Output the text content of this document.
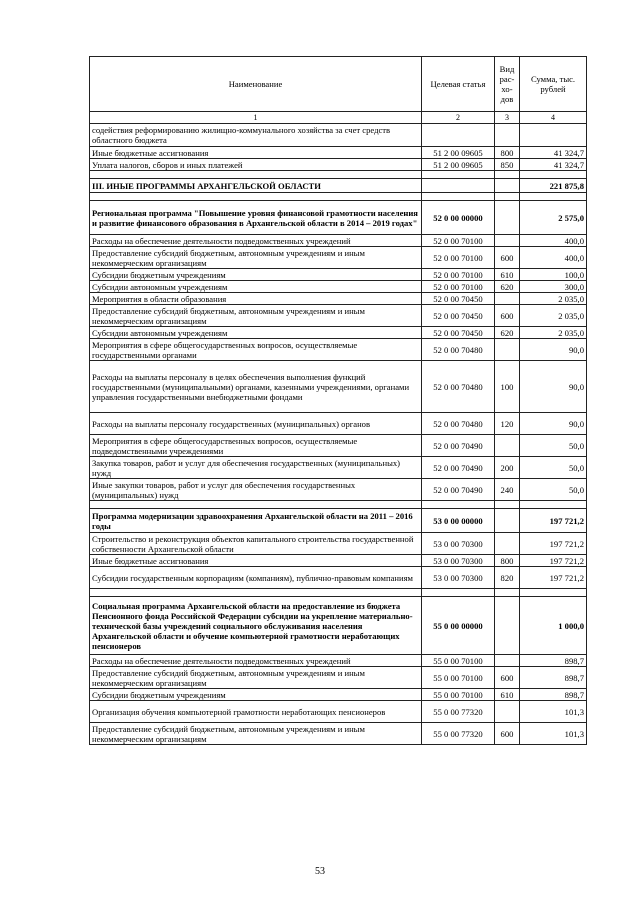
Наименование	Целевая статья	Вид рас-хо-дов	Сумма, тыс. рублей
1	2	3	4
содействия реформированию жилищно-коммунального хозяйства за счет средств областного бюджета			
Иные бюджетные ассигнования	51 2 00 09605	800	41 324,7
Уплата налогов, сборов и иных платежей	51 2 00 09605	850	41 324,7

III. ИНЫЕ ПРОГРАММЫ АРХАНГЕЛЬСКОЙ ОБЛАСТИ			221 875,8

Региональная программа "Повышение уровня финансовой грамотности населения и развитие финансового образования в Архангельской области в 2014 – 2019 годах"	52 0 00 00000		2 575,0
Расходы на обеспечение деятельности подведомственных учреждений	52 0 00 70100		400,0
Предоставление субсидий бюджетным, автономным учреждениям и иным некоммерческим организациям	52 0 00 70100	600	400,0
Субсидии бюджетным учреждениям	52 0 00 70100	610	100,0
Субсидии автономным учреждениям	52 0 00 70100	620	300,0
Мероприятия в области образования	52 0 00 70450		2 035,0
Предоставление субсидий бюджетным, автономным учреждениям и иным некоммерческим организациям	52 0 00 70450	600	2 035,0
Субсидии автономным учреждениям	52 0 00 70450	620	2 035,0
Мероприятия в сфере общегосударственных вопросов, осуществляемые государственными органами	52 0 00 70480		90,0
Расходы на выплаты персоналу в целях обеспечения выполнения функций государственными (муниципальными) органами, казенными учреждениями, органами управления государственными внебюджетными фондами	52 0 00 70480	100	90,0
Расходы на выплаты персоналу государственных (муниципальных) органов	52 0 00 70480	120	90,0
Мероприятия в сфере общегосударственных вопросов, осуществляемые подведомственными учреждениями	52 0 00 70490		50,0
Закупка товаров, работ и услуг для обеспечения государственных (муниципальных) нужд	52 0 00 70490	200	50,0
Иные закупки товаров, работ и услуг для обеспечения государственных (муниципальных) нужд	52 0 00 70490	240	50,0

Программа модернизации здравоохранения Архангельской области на 2011 – 2016 годы	53 0 00 00000		197 721,2
Строительство и реконструкция объектов капитального строительства государственной собственности Архангельской области	53 0 00 70300		197 721,2
Иные бюджетные ассигнования	53 0 00 70300	800	197 721,2
Субсидии государственным корпорациям (компаниям), публично-правовым компаниям	53 0 00 70300	820	197 721,2

Социальная программа Архангельской области на предоставление из бюджета Пенсионного фонда Российской Федерации субсидии на укрепление материально-технической базы учреждений социального обслуживания населения Архангельской области и обучение компьютерной грамотности неработающих пенсионеров	55 0 00 00000		1 000,0
Расходы на обеспечение деятельности подведомственных учреждений	55 0 00 70100		898,7
Предоставление субсидий бюджетным, автономным учреждениям и иным некоммерческим организациям	55 0 00 70100	600	898,7
Субсидии бюджетным учреждениям	55 0 00 70100	610	898,7
Организация обучения компьютерной грамотности неработающих пенсионеров	55 0 00 77320		101,3
Предоставление субсидий бюджетным, автономным учреждениям и иным некоммерческим организациям	55 0 00 77320	600	101,3
53
